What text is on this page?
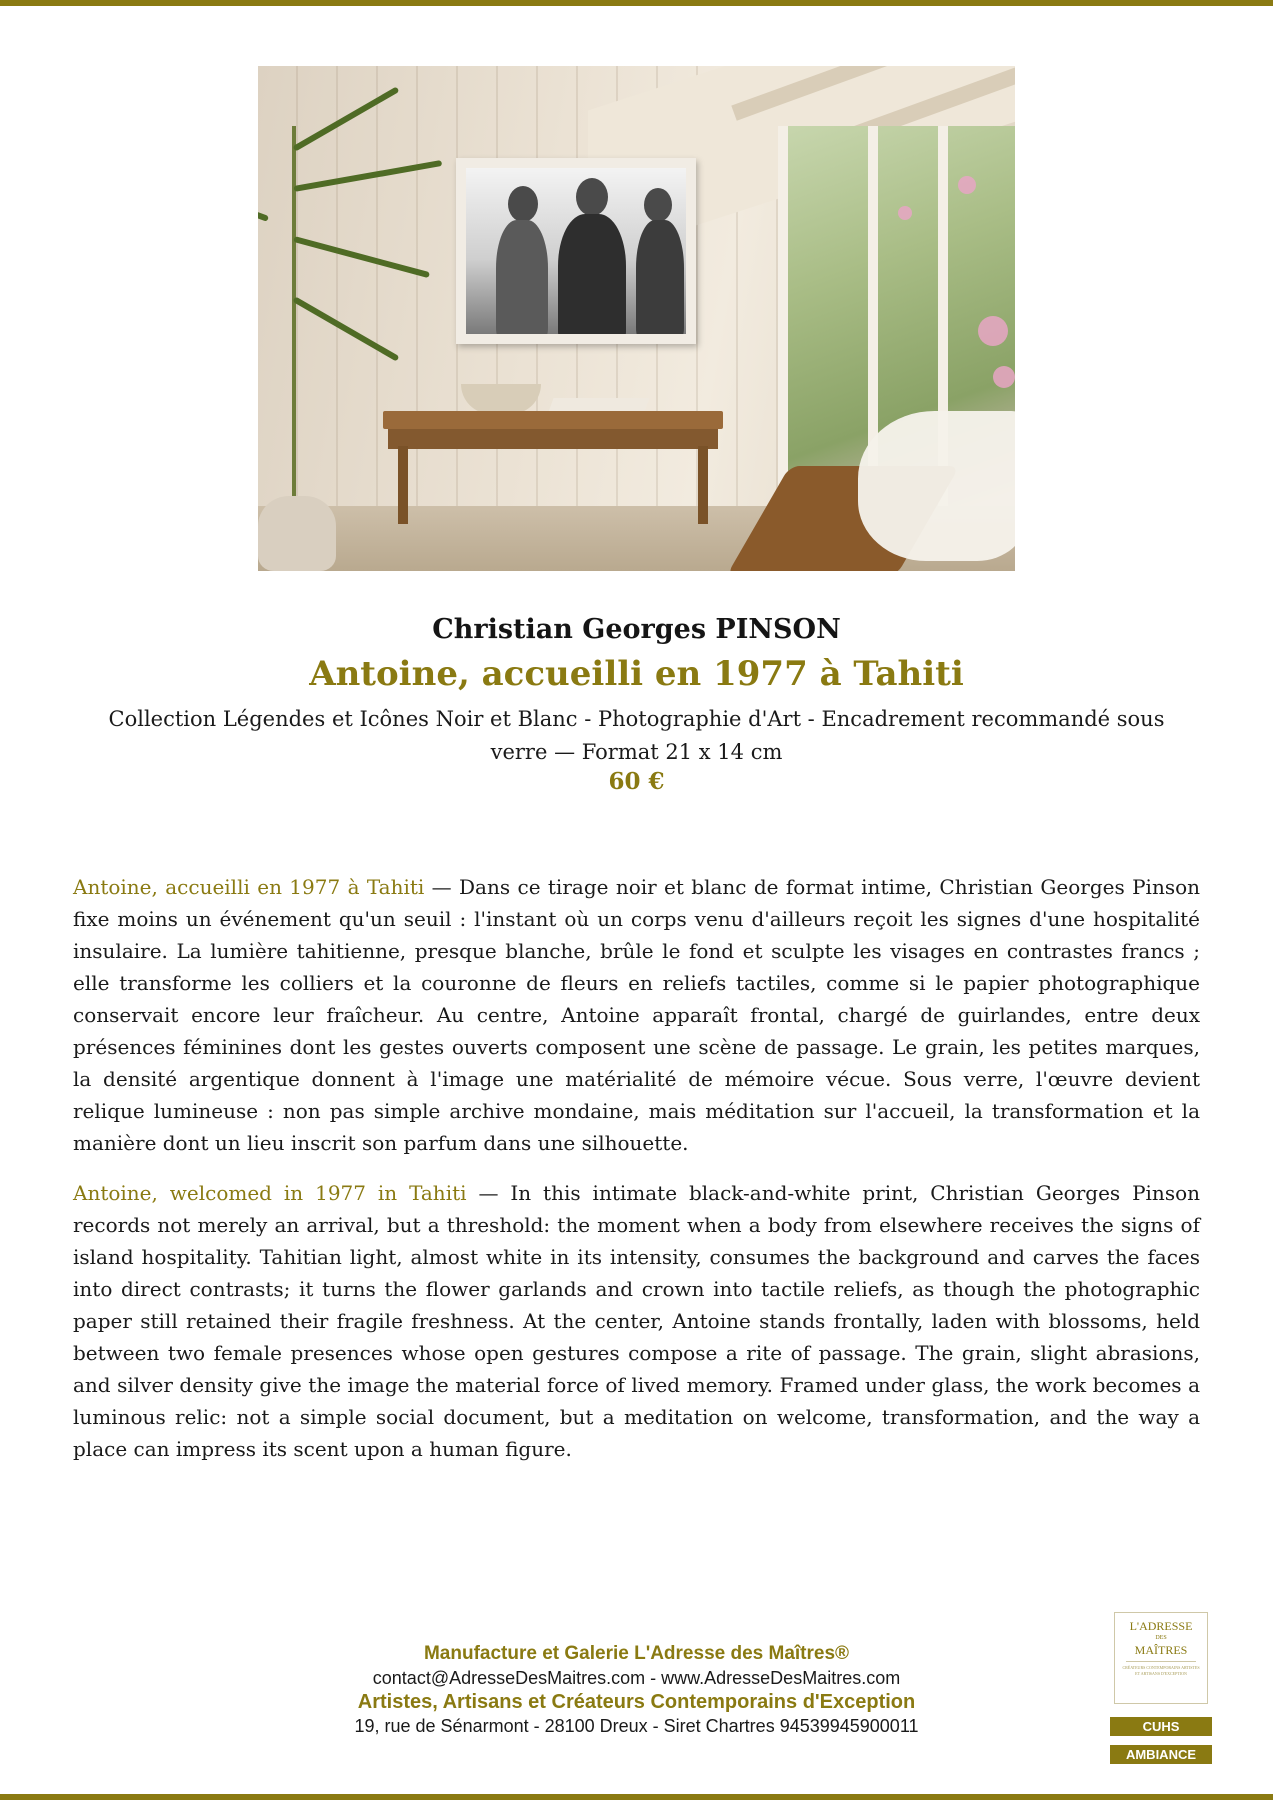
Christian Georges PINSON
Antoine, accueilli en 1977 à Tahiti
Collection Légendes et Icônes Noir et Blanc - Photographie d'Art - Encadrement recommandé sous verre — Format 21 x 14 cm
60 €
Antoine, accueilli en 1977 à Tahiti — Dans ce tirage noir et blanc de format intime, Christian Georges Pinson fixe moins un événement qu'un seuil : l'instant où un corps venu d'ailleurs reçoit les signes d'une hospitalité insulaire. La lumière tahitienne, presque blanche, brûle le fond et sculpte les visages en contrastes francs ; elle transforme les colliers et la couronne de fleurs en reliefs tactiles, comme si le papier photographique conservait encore leur fraîcheur. Au centre, Antoine apparaît frontal, chargé de guirlandes, entre deux présences féminines dont les gestes ouverts composent une scène de passage. Le grain, les petites marques, la densité argentique donnent à l'image une matérialité de mémoire vécue. Sous verre, l'œuvre devient relique lumineuse : non pas simple archive mondaine, mais méditation sur l'accueil, la transformation et la manière dont un lieu inscrit son parfum dans une silhouette.
Antoine, welcomed in 1977 in Tahiti — In this intimate black-and-white print, Christian Georges Pinson records not merely an arrival, but a threshold: the moment when a body from elsewhere receives the signs of island hospitality. Tahitian light, almost white in its intensity, consumes the background and carves the faces into direct contrasts; it turns the flower garlands and crown into tactile reliefs, as though the photographic paper still retained their fragile freshness. At the center, Antoine stands frontally, laden with blossoms, held between two female presences whose open gestures compose a rite of passage. The grain, slight abrasions, and silver density give the image the material force of lived memory. Framed under glass, the work becomes a luminous relic: not a simple social document, but a meditation on welcome, transformation, and the way a place can impress its scent upon a human figure.
Manufacture et Galerie L'Adresse des Maîtres®
contact@AdresseDesMaitres.com - www.AdresseDesMaitres.com
Artistes, Artisans et Créateurs Contemporains d'Exception
19, rue de Sénarmont - 28100 Dreux - Siret Chartres 94539945900011
L'ADRESSE
DES
MAÎTRES
CRÉATEURS CONTEMPORAINS ARTISTES ET ARTISANS D'EXCEPTION
CUHS
AMBIANCE
